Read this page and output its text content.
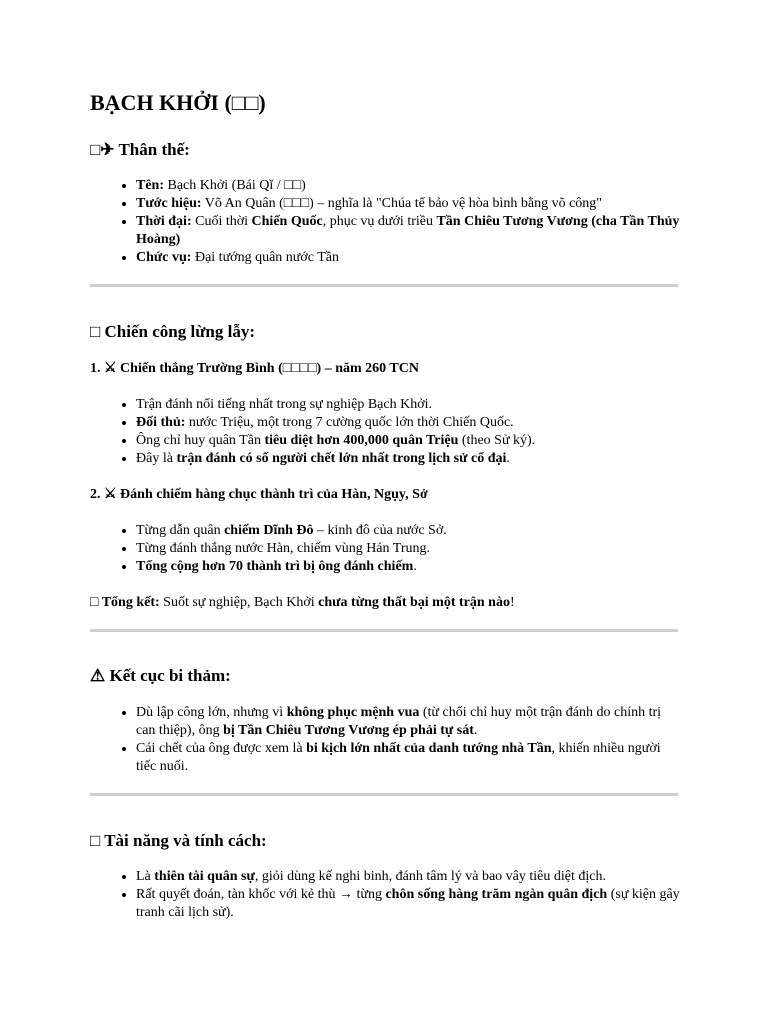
BẠCH KHỞI (□□)
□✈ Thân thế:
• Tên: Bạch Khởi (Bái Qǐ / □□)
• Tước hiệu: Võ An Quân (□□□) – nghĩa là "Chúa tể bảo vệ hòa bình bằng võ công"
• Thời đại: Cuối thời Chiến Quốc, phục vụ dưới triều Tần Chiêu Tương Vương (cha Tần Thủy Hoàng)
• Chức vụ: Đại tướng quân nước Tần
□ Chiến công lừng lẫy:
1. ⚔ Chiến thắng Trường Bình (□□□□) – năm 260 TCN
• Trận đánh nổi tiếng nhất trong sự nghiệp Bạch Khởi.
• Đối thủ: nước Triệu, một trong 7 cường quốc lớn thời Chiến Quốc.
• Ông chỉ huy quân Tần tiêu diệt hơn 400,000 quân Triệu (theo Sử ký).
• Đây là trận đánh có số người chết lớn nhất trong lịch sử cổ đại.
2. ⚔ Đánh chiếm hàng chục thành trì của Hàn, Ngụy, Sở
• Từng dẫn quân chiếm Dĩnh Đô – kinh đô của nước Sở.
• Từng đánh thắng nước Hàn, chiếm vùng Hán Trung.
• Tổng cộng hơn 70 thành trì bị ông đánh chiếm.

□ Tổng kết: Suốt sự nghiệp, Bạch Khởi chưa từng thất bại một trận nào!

⚠ Kết cục bi thảm:
• Dù lập công lớn, nhưng vì không phục mệnh vua (từ chối chỉ huy một trận đánh do chính trị can thiệp), ông bị Tần Chiêu Tương Vương ép phải tự sát.
• Cái chết của ông được xem là bi kịch lớn nhất của danh tướng nhà Tần, khiến nhiều người tiếc nuối.
□ Tài năng và tính cách:
• Là thiên tài quân sự, giỏi dùng kế nghi binh, đánh tâm lý và bao vây tiêu diệt địch.
• Rất quyết đoán, tàn khốc với kẻ thù → từng chôn sống hàng trăm ngàn quân địch (sự kiện gây tranh cãi lịch sử).
